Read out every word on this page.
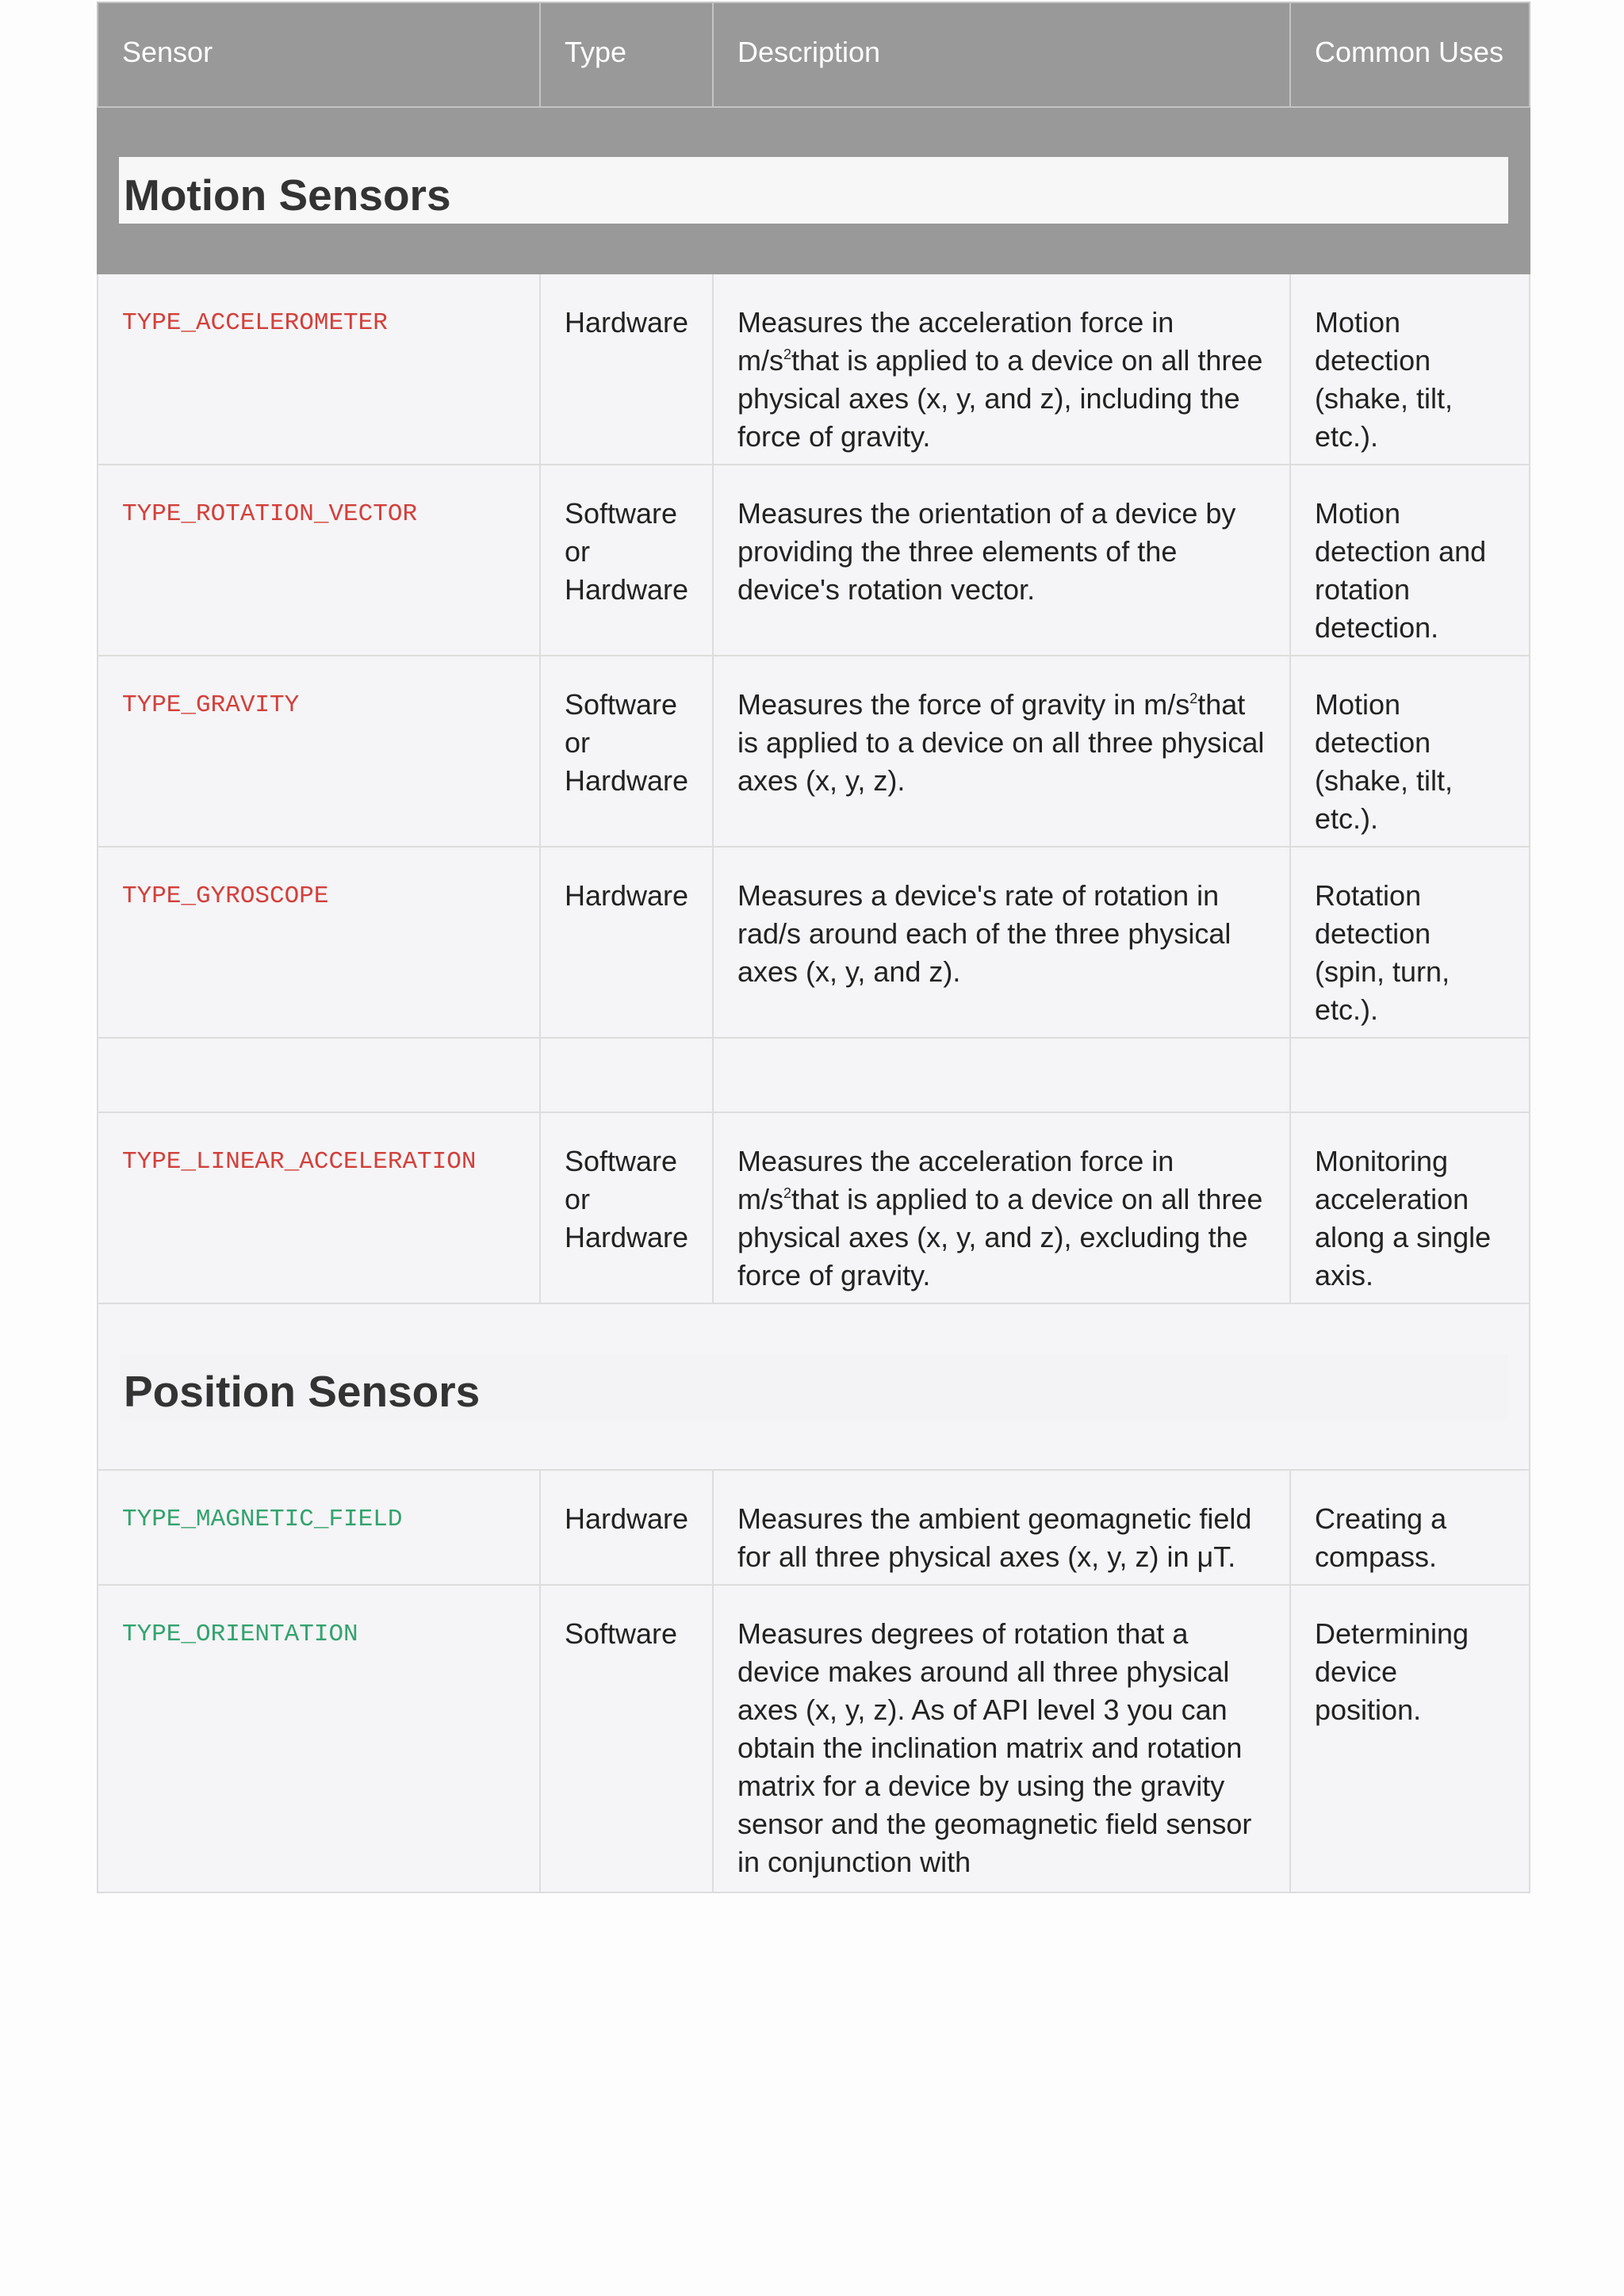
Sensor	Type	Description	Common Uses

Motion Sensors			

TYPE_ACCELEROMETER	Hardware	Measures the acceleration force in $m/s^2that$ is applied to a device on all three physical axes (x, y, and z), including the force of gravity.	Motion detection (shake, tilt, etc.).

TYPE_ROTATION_VECTOR	Software or Hardware	Measures the orientation of a device by providing the three elements of the device's rotation vector.	Motion detection and rotation detection.

TYPE_GRAVITY	Software or Hardware	Measures the force of gravity in $m/s^2that$ is applied to a device on all three physical axes (x, y, z).	Motion detection (shake, tilt, etc.).

TYPE_GYROSCOPE	Hardware	Measures a device's rate of rotation in rad/s around each of the three physical axes (x, y, and z).	Rotation detection (spin, turn, etc.).

TYPE_LINEAR_ACCELERATION	Software or Hardware	Measures the acceleration force in $m/s^2that$ is applied to a device on all three physical axes (x, y, and z), excluding the force of gravity.	Monitoring acceleration along a single axis.

Position Sensors			

TYPE_MAGNETIC_FIELD	Hardware	Measures the ambient geomagnetic field for all three physical axes (x, y, z) in μT.	Creating a compass.

TYPE_ORIENTATION	Software	Measures degrees of rotation that a device makes around all three physical axes (x, y, z). As of API level 3 you can obtain the inclination matrix and rotation matrix for a device by using the gravity sensor and the geomagnetic field sensor in conjunction with	Determining device position.
